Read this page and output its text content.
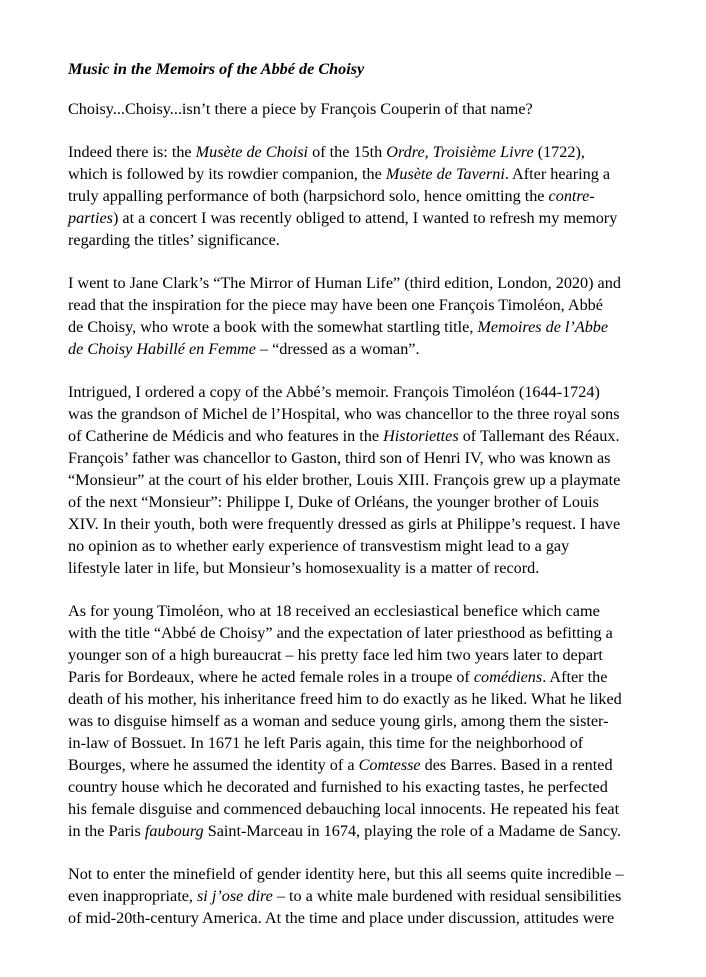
Music in the Memoirs of the Abbé de Choisy

Choisy...Choisy...isn’t there a piece by François Couperin of that name?

Indeed there is: the Musète de Choisi of the 15th Ordre, Troisième Livre (1722),
which is followed by its rowdier companion, the Musète de Taverni. After hearing a
truly appalling performance of both (harpsichord solo, hence omitting the contre-
parties) at a concert I was recently obliged to attend, I wanted to refresh my memory
regarding the titles’ significance.

I went to Jane Clark’s “The Mirror of Human Life” (third edition, London, 2020) and
read that the inspiration for the piece may have been one François Timoléon, Abbé
de Choisy, who wrote a book with the somewhat startling title, Memoires de l’Abbe
de Choisy Habillé en Femme – “dressed as a woman”.

Intrigued, I ordered a copy of the Abbé’s memoir. François Timoléon (1644-1724)
was the grandson of Michel de l’Hospital, who was chancellor to the three royal sons
of Catherine de Médicis and who features in the Historiettes of Tallemant des Réaux.
François’ father was chancellor to Gaston, third son of Henri IV, who was known as
“Monsieur” at the court of his elder brother, Louis XIII. François grew up a playmate
of the next “Monsieur”: Philippe I, Duke of Orléans, the younger brother of Louis
XIV. In their youth, both were frequently dressed as girls at Philippe’s request. I have
no opinion as to whether early experience of transvestism might lead to a gay
lifestyle later in life, but Monsieur’s homosexuality is a matter of record.

As for young Timoléon, who at 18 received an ecclesiastical benefice which came
with the title “Abbé de Choisy” and the expectation of later priesthood as befitting a
younger son of a high bureaucrat – his pretty face led him two years later to depart
Paris for Bordeaux, where he acted female roles in a troupe of comédiens. After the
death of his mother, his inheritance freed him to do exactly as he liked. What he liked
was to disguise himself as a woman and seduce young girls, among them the sister-
in-law of Bossuet. In 1671 he left Paris again, this time for the neighborhood of
Bourges, where he assumed the identity of a Comtesse des Barres. Based in a rented
country house which he decorated and furnished to his exacting tastes, he perfected
his female disguise and commenced debauching local innocents. He repeated his feat
in the Paris faubourg Saint-Marceau in 1674, playing the role of a Madame de Sancy.

Not to enter the minefield of gender identity here, but this all seems quite incredible –
even inappropriate, si j’ose dire – to a white male burdened with residual sensibilities
of mid-20th-century America. At the time and place under discussion, attitudes were
